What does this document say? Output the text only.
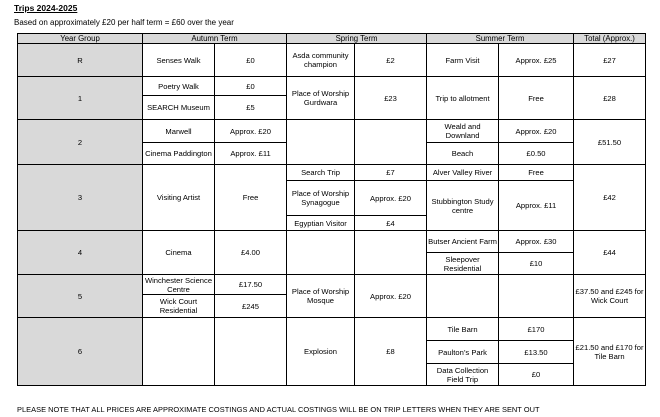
Trips 2024-2025
Based on approximately £20 per half term = £60 over the year
Year Group	Autumn Term		Spring Term		Summer Term		Total (Approx.)
R	Senses Walk	£0	Asda community champion	£2	Farm Visit	Approx. £25	£27
1	Poetry Walk	£0	Place of Worship Gurdwara	£23	Trip to allotment	Free	£28
	SEARCH Museum	£5					
2	Marwell	Approx. £20			Weald and Downland	Approx. £20	£51.50
	Cinema Paddington	Approx. £11			Beach	£0.50	
3	Visiting Artist	Free	Search Trip	£7	Alver Valley River	Free	£42
			Place of Worship Synagogue	Approx. £20	Stubbington Study centre	Approx. £11	
			Egyptian Visitor	£4			
4	Cinema	£4.00			Butser Ancient Farm	Approx. £30	£44
					Sleepover Residential	£10	
5	Winchester Science Centre	£17.50	Place of Worship Mosque	Approx. £20			£37.50 and £245 for Wick Court
	Wick Court Residential	£245					
6			Explosion	£8	Tile Barn	£170	£21.50 and £170 for Tile Barn
					Paulton’s Park	£13.50	
					Data Collection Field Trip	£0	
PLEASE NOTE THAT ALL PRICES ARE APPROXIMATE COSTINGS AND ACTUAL COSTINGS WILL BE ON TRIP LETTERS WHEN THEY ARE SENT OUT
